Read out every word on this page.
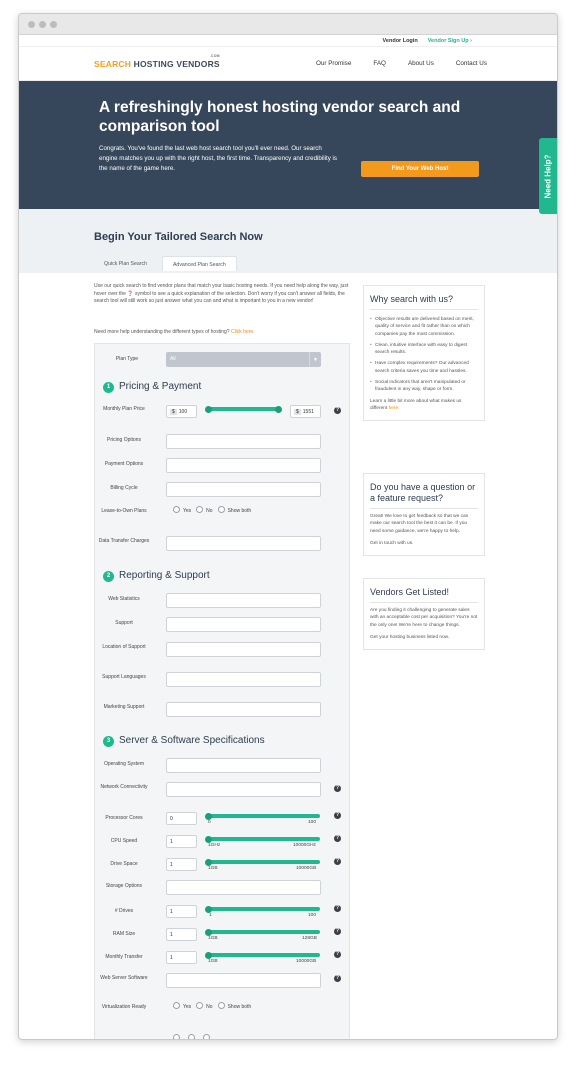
Vendor Login Vendor Sign Up ›
SEARCH HOSTING VENDORS
.COM
Our Promise	FAQ	About Us	Contact Us
A refreshingly honest hosting vendor search and comparison tool

Congrats. You've found the last web host search tool you'll ever need. Our search engine matches you up with the right host, the first time. Transparency and credibility is the name of the game here.	Find Your Web Host	Need Help?
Begin Your Tailored Search Now
Quick Plan Search	Advanced Plan Search

Use our quick search to find vendor plans that match your basic hosting needs. If you need help along the way, just hover over the ❓ symbol to see a quick explanation of the selection. Don't worry if you can't answer all fields, the search tool will still work so just answer what you can and what is important to you in a new vendor!

Need more help understanding the different types of hosting? Click here.

Plan Type	All	▼
1 Pricing & Payment
Monthly Plan Price	$ 100	$ 1551	?
Pricing Options
Payment Options
Billing Cycle
Lease-to-Own Plans	Yes	No	Show both
Data Transfer Charges
2 Reporting & Support
Web Statistics
Support
Location of Support
Support Languages
Marketing Support
3 Server & Software Specifications
Operating System
Network Connectivity	?
Processor Cores	0
0	100
?
CPU Speed	1
1GHz	10000GHz
?
Drive Space	1
1GB	10000GB
?
Storage Options
# Drives	1
1	100
?
RAM Size	1
1GB	128GB
?
Monthly Transfer	1
1GB	10000GB
?
Web Server Software	?
Virtualization Ready	Yes	No	Show both
Why search with us?
• Objective results are delivered based on merit, quality of service and fit rather than on which companies pay the most commission.
• Clean, intuitive interface with easy to digest search results.
• Have complex requirements? Our advanced search criteria saves you time and hassles.
• Social indicators that aren't manipulated or fraudulent in any way, shape or form.

Learn a little bit more about what makes us different here.

Do you have a question or a feature request?

Great! We love to get feedback so that we can make our search tool the best it can be. If you need some guidance, we're happy to help.

Get in touch with us.

Vendors Get Listed!

Are you finding it challenging to generate sales with an acceptable cost per acquisition? You're not the only one! We're here to change things.

Get your hosting business listed now.
